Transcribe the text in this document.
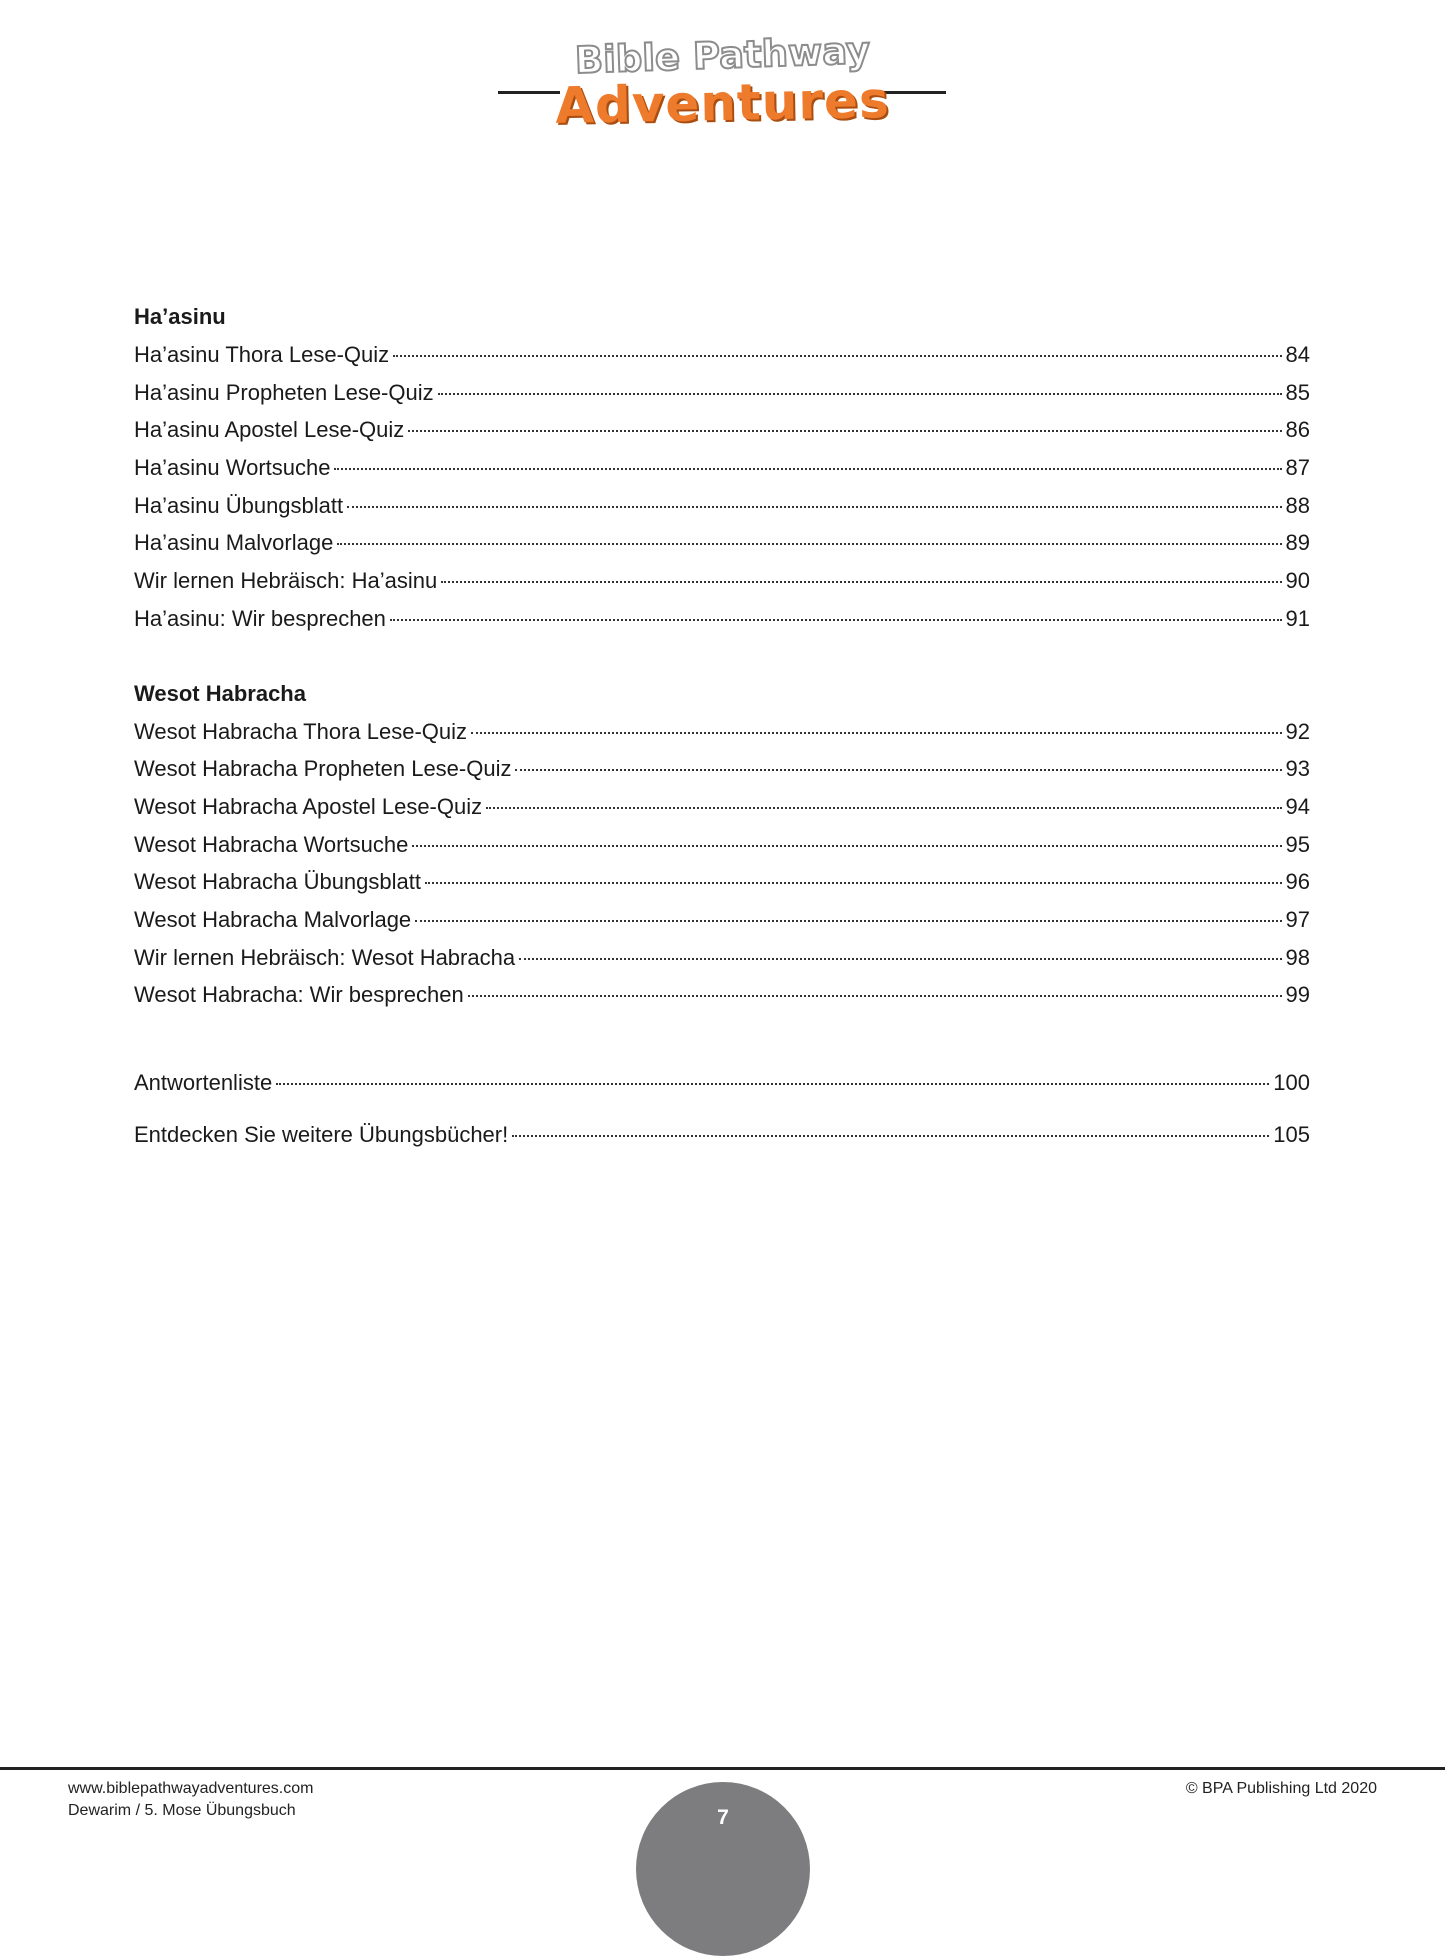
Bible Pathway
Adventures
Ha’asinu
Ha’asinu Thora Lese-Quiz	84
Ha’asinu Propheten Lese-Quiz	85
Ha’asinu Apostel Lese-Quiz	86
Ha’asinu Wortsuche	87
Ha’asinu Übungsblatt	88
Ha’asinu Malvorlage	89
Wir lernen Hebräisch: Ha’asinu	90
Ha’asinu: Wir besprechen	91
Wesot Habracha
Wesot Habracha Thora Lese-Quiz	92
Wesot Habracha Propheten Lese-Quiz	93
Wesot Habracha Apostel Lese-Quiz	94
Wesot Habracha Wortsuche	95
Wesot Habracha Übungsblatt	96
Wesot Habracha Malvorlage	97
Wir lernen Hebräisch: Wesot Habracha	98
Wesot Habracha: Wir besprechen	99
Antwortenliste	100
Entdecken Sie weitere Übungsbücher!	105
www.biblepathwayadventures.com
Dewarim / 5. Mose Übungsbuch
© BPA Publishing Ltd 2020
7
